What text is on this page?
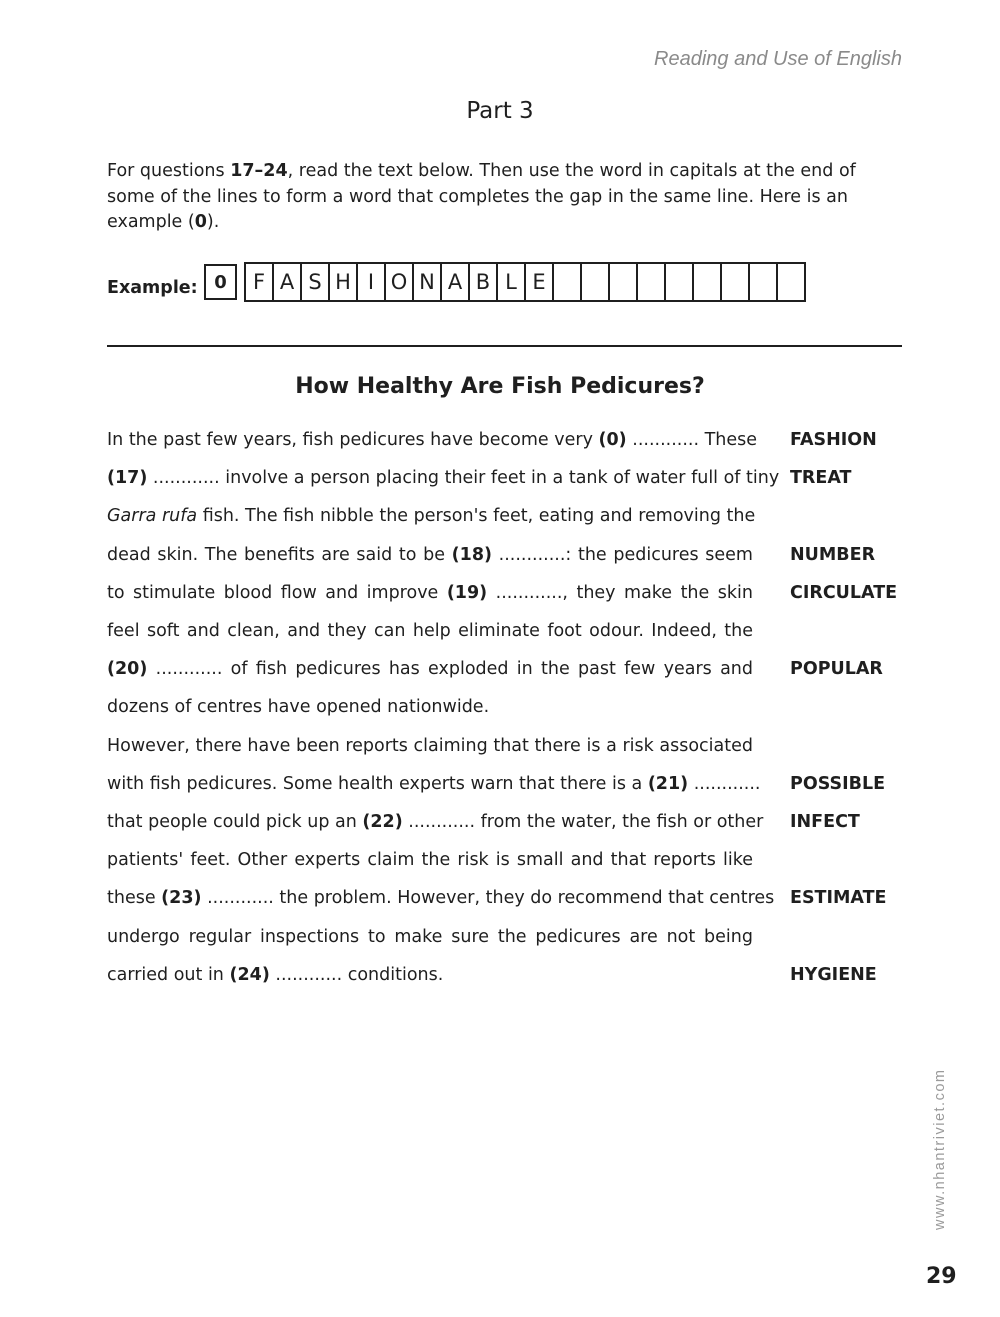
Reading and Use of English
Part 3
For questions 17–24, read the text below. Then use the word in capitals at the end of some of the lines to form a word that completes the gap in the same line. Here is an example (0).
Example: 0	F A S H I O N A B L E
How Healthy Are Fish Pedicures?
In the past few years, fish pedicures have become very (0) ............ These
(17) ............ involve a person placing their feet in a tank of water full of tiny
Garra rufa fish. The fish nibble the person's feet, eating and removing the
dead skin. The benefits are said to be (18) ............: the pedicures seem
to stimulate blood flow and improve (19) ............, they make the skin
feel soft and clean, and they can help eliminate foot odour. Indeed, the
(20) ............ of fish pedicures has exploded in the past few years and
dozens of centres have opened nationwide.
However, there have been reports claiming that there is a risk associated
with fish pedicures. Some health experts warn that there is a (21) ............
that people could pick up an (22) ............ from the water, the fish or other
patients' feet. Other experts claim the risk is small and that reports like
these (23) ............ the problem. However, they do recommend that centres
undergo regular inspections to make sure the pedicures are not being
carried out in (24) ............ conditions.
FASHION
TREAT
NUMBER
CIRCULATE
POPULAR
POSSIBLE
INFECT
ESTIMATE
HYGIENE
www.nhantriviet.com
29
